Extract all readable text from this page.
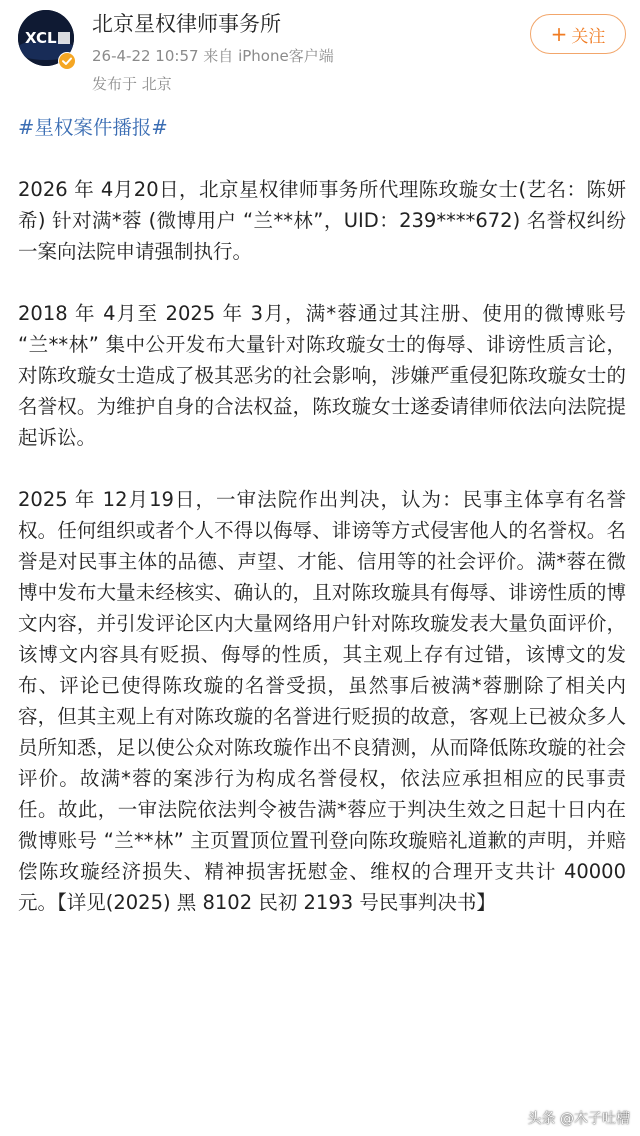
XCL
北京星权律师事务所
26-4-22 10:57 来自 iPhone客户端
发布于 北京
+ 关注
#星权案件播报#

2026 年 4月20日，北京星权律师事务所代理陈玫璇女士(艺名：陈妍希) 针对满*蓉 (微博用户 “兰**林”，UID：239****672) 名誉权纠纷一案向法院申请强制执行。

2018 年 4月至 2025 年 3月，满*蓉通过其注册、使用的微博账号 “兰**林” 集中公开发布大量针对陈玫璇女士的侮辱、诽谤性质言论，对陈玫璇女士造成了极其恶劣的社会影响，涉嫌严重侵犯陈玫璇女士的名誉权。为维护自身的合法权益，陈玫璇女士遂委请律师依法向法院提起诉讼。

2025 年 12月19日，一审法院作出判决，认为：民事主体享有名誉权。任何组织或者个人不得以侮辱、诽谤等方式侵害他人的名誉权。名誉是对民事主体的品德、声望、才能、信用等的社会评价。满*蓉在微博中发布大量未经核实、确认的，且对陈玫璇具有侮辱、诽谤性质的博文内容，并引发评论区内大量网络用户针对陈玫璇发表大量负面评价，该博文内容具有贬损、侮辱的性质，其主观上存有过错，该博文的发布、评论已使得陈玫璇的名誉受损，虽然事后被满*蓉删除了相关内容，但其主观上有对陈玫璇的名誉进行贬损的故意，客观上已被众多人员所知悉，足以使公众对陈玫璇作出不良猜测，从而降低陈玫璇的社会评价。故满*蓉的案涉行为构成名誉侵权，依法应承担相应的民事责任。故此，一审法院依法判令被告满*蓉应于判决生效之日起十日内在微博账号 “兰**林” 主页置顶位置刊登向陈玫璇赔礼道歉的声明，并赔偿陈玫璇经济损失、精神损害抚慰金、维权的合理开支共计 40000 元。【详见(2025) 黑 8102 民初 2193 号民事判决书】

头条 @木子吐槽
